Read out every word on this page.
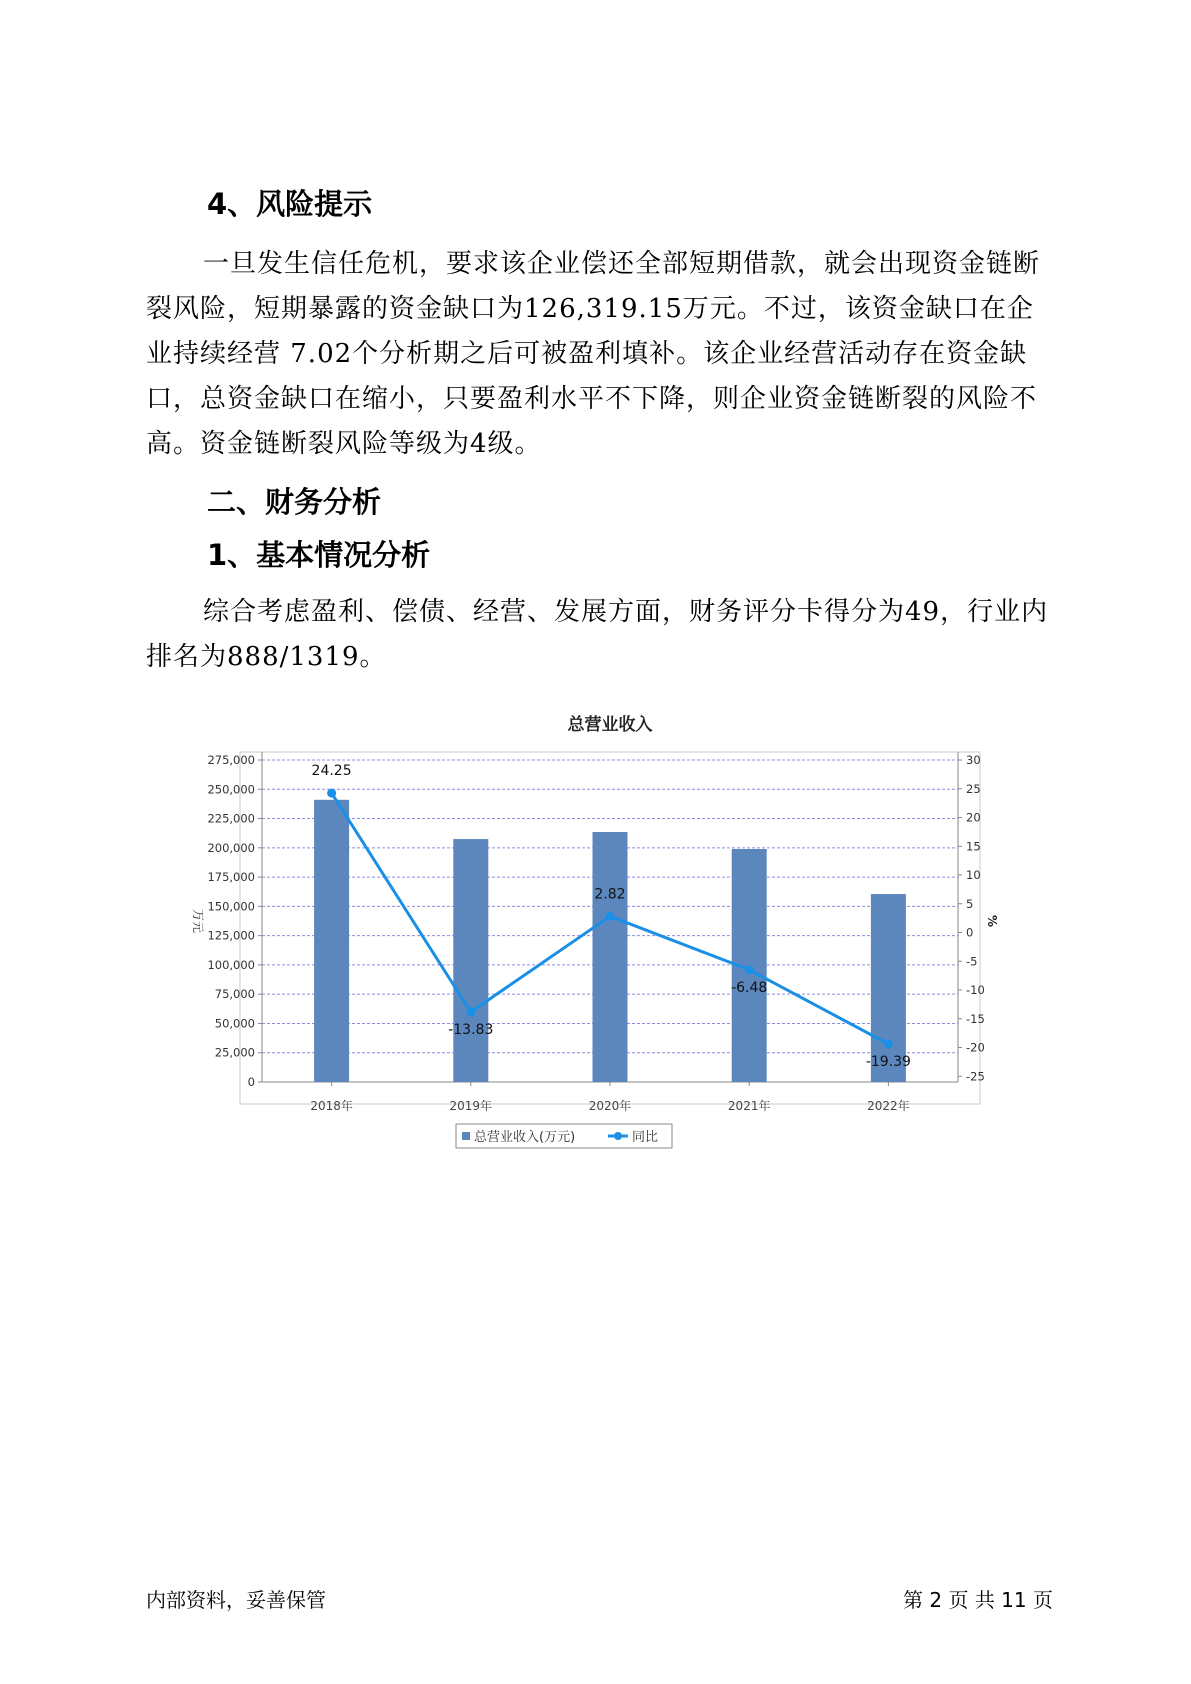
4、风险提示

一旦发生信任危机，要求该企业偿还全部短期借款，就会出现资金链断裂风险，短期暴露的资金缺口为126,319.15万元。不过，该资金缺口在企业持续经营 7.02个分析期之后可被盈利填补。该企业经营活动存在资金缺口，总资金缺口在缩小，只要盈利水平不下降，则企业资金链断裂的风险不高。资金链断裂风险等级为4级。

二、财务分析
1、基本情况分析

综合考虑盈利、偿债、经营、发展方面，财务评分卡得分为49，行业内排名为888/1319。

总营业收入
0
25,000
50,000
75,000
100,000
125,000
150,000
175,000
200,000
225,000
250,000
275,000
-25
-20
-15
-10
-5
0
5
10
15
20
25
30
万元	%
2018年	2019年	2020年	2021年	2022年
24.25
-13.83
2.82
-6.48
-19.39
总营业收入(万元)	同比
内部资料，妥善保管	第 2 页 共 11 页
